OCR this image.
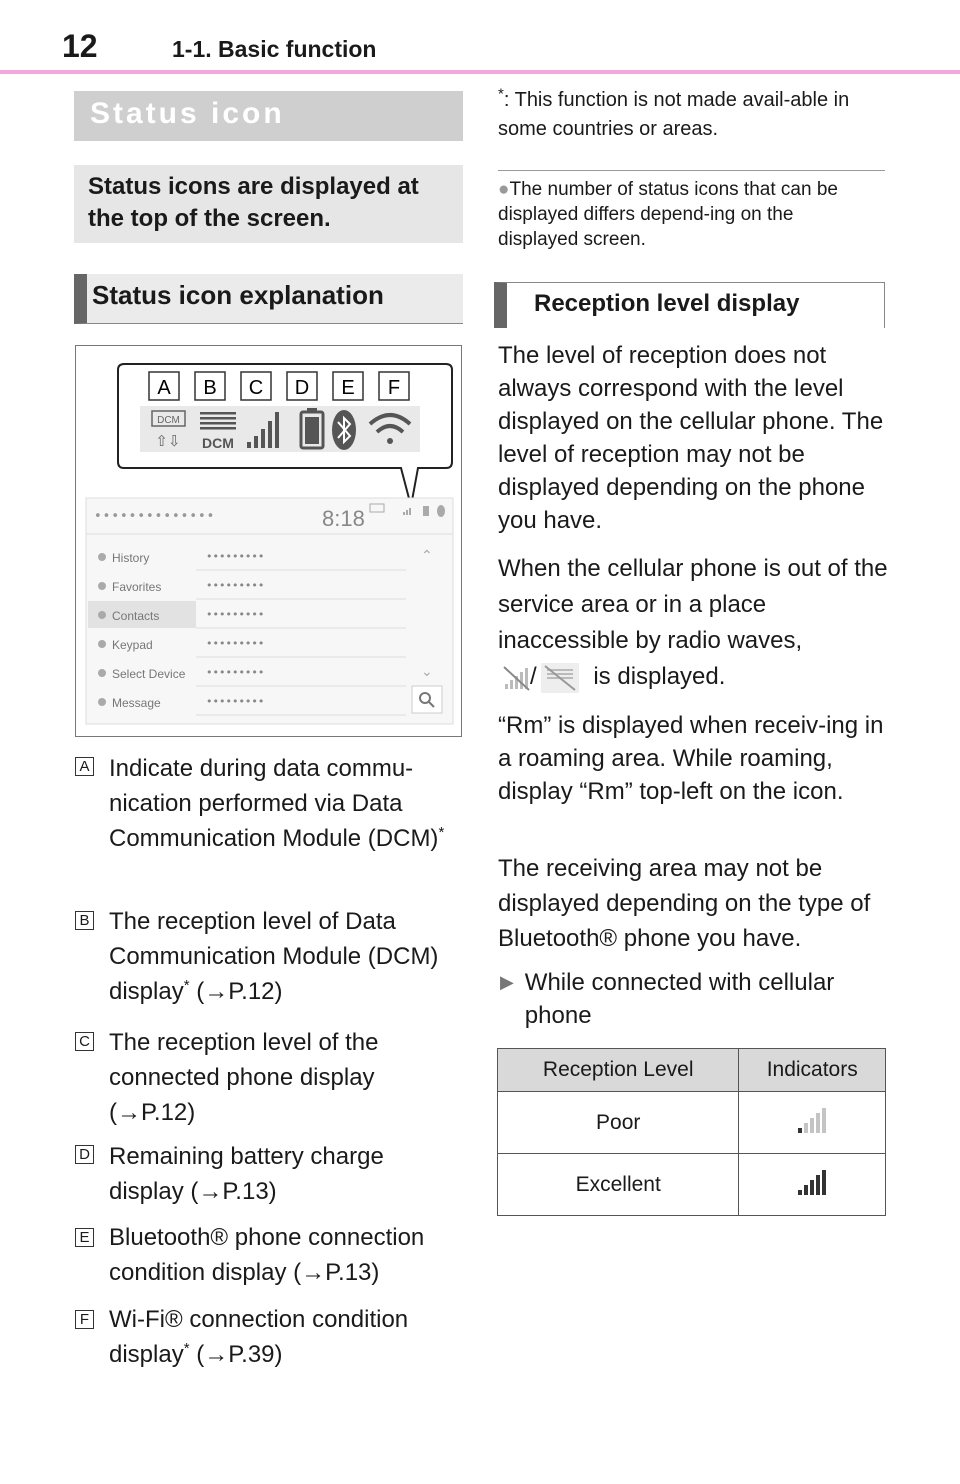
12	1-1. Basic function
Status icon
Status icons are displayed at the top of the screen.
Status icon explanation
A B C D E F
DCM
⇧⇩ DCM
••••••••••••••	8:18
History	•••••••••
Favorites	•••••••••
Contacts	•••••••••
Keypad	•••••••••
Select Device •••••••••
Message	•••••••••
⌃
⌄
A Indicate during data commu-nication performed via Data Communication Module (DCM)*
B The reception level of Data Communication Module (DCM) display* (→P.12)
C The reception level of the connected phone display (→P.12)
D Remaining battery charge display (→P.13)
E Bluetooth® phone connection condition display (→P.13)
F Wi-Fi® connection condition display* (→P.39)
*: This function is not made avail-able in some countries or areas.
●The number of status icons that can be displayed differs depend-ing on the displayed screen.
Reception level display
The level of reception does not always correspond with the level displayed on the cellular phone. The level of reception may not be displayed depending on the phone you have.
When the cellular phone is out of the service area or in a place inaccessible by radio waves,
/ is displayed.
“Rm” is displayed when receiv-ing in a roaming area. While roaming, display “Rm” top-left on the icon.
The receiving area may not be displayed depending on the type of Bluetooth® phone you have.
▶ While connected with cellular phone
Reception Level	Indicators
Poor	
Excellent	
